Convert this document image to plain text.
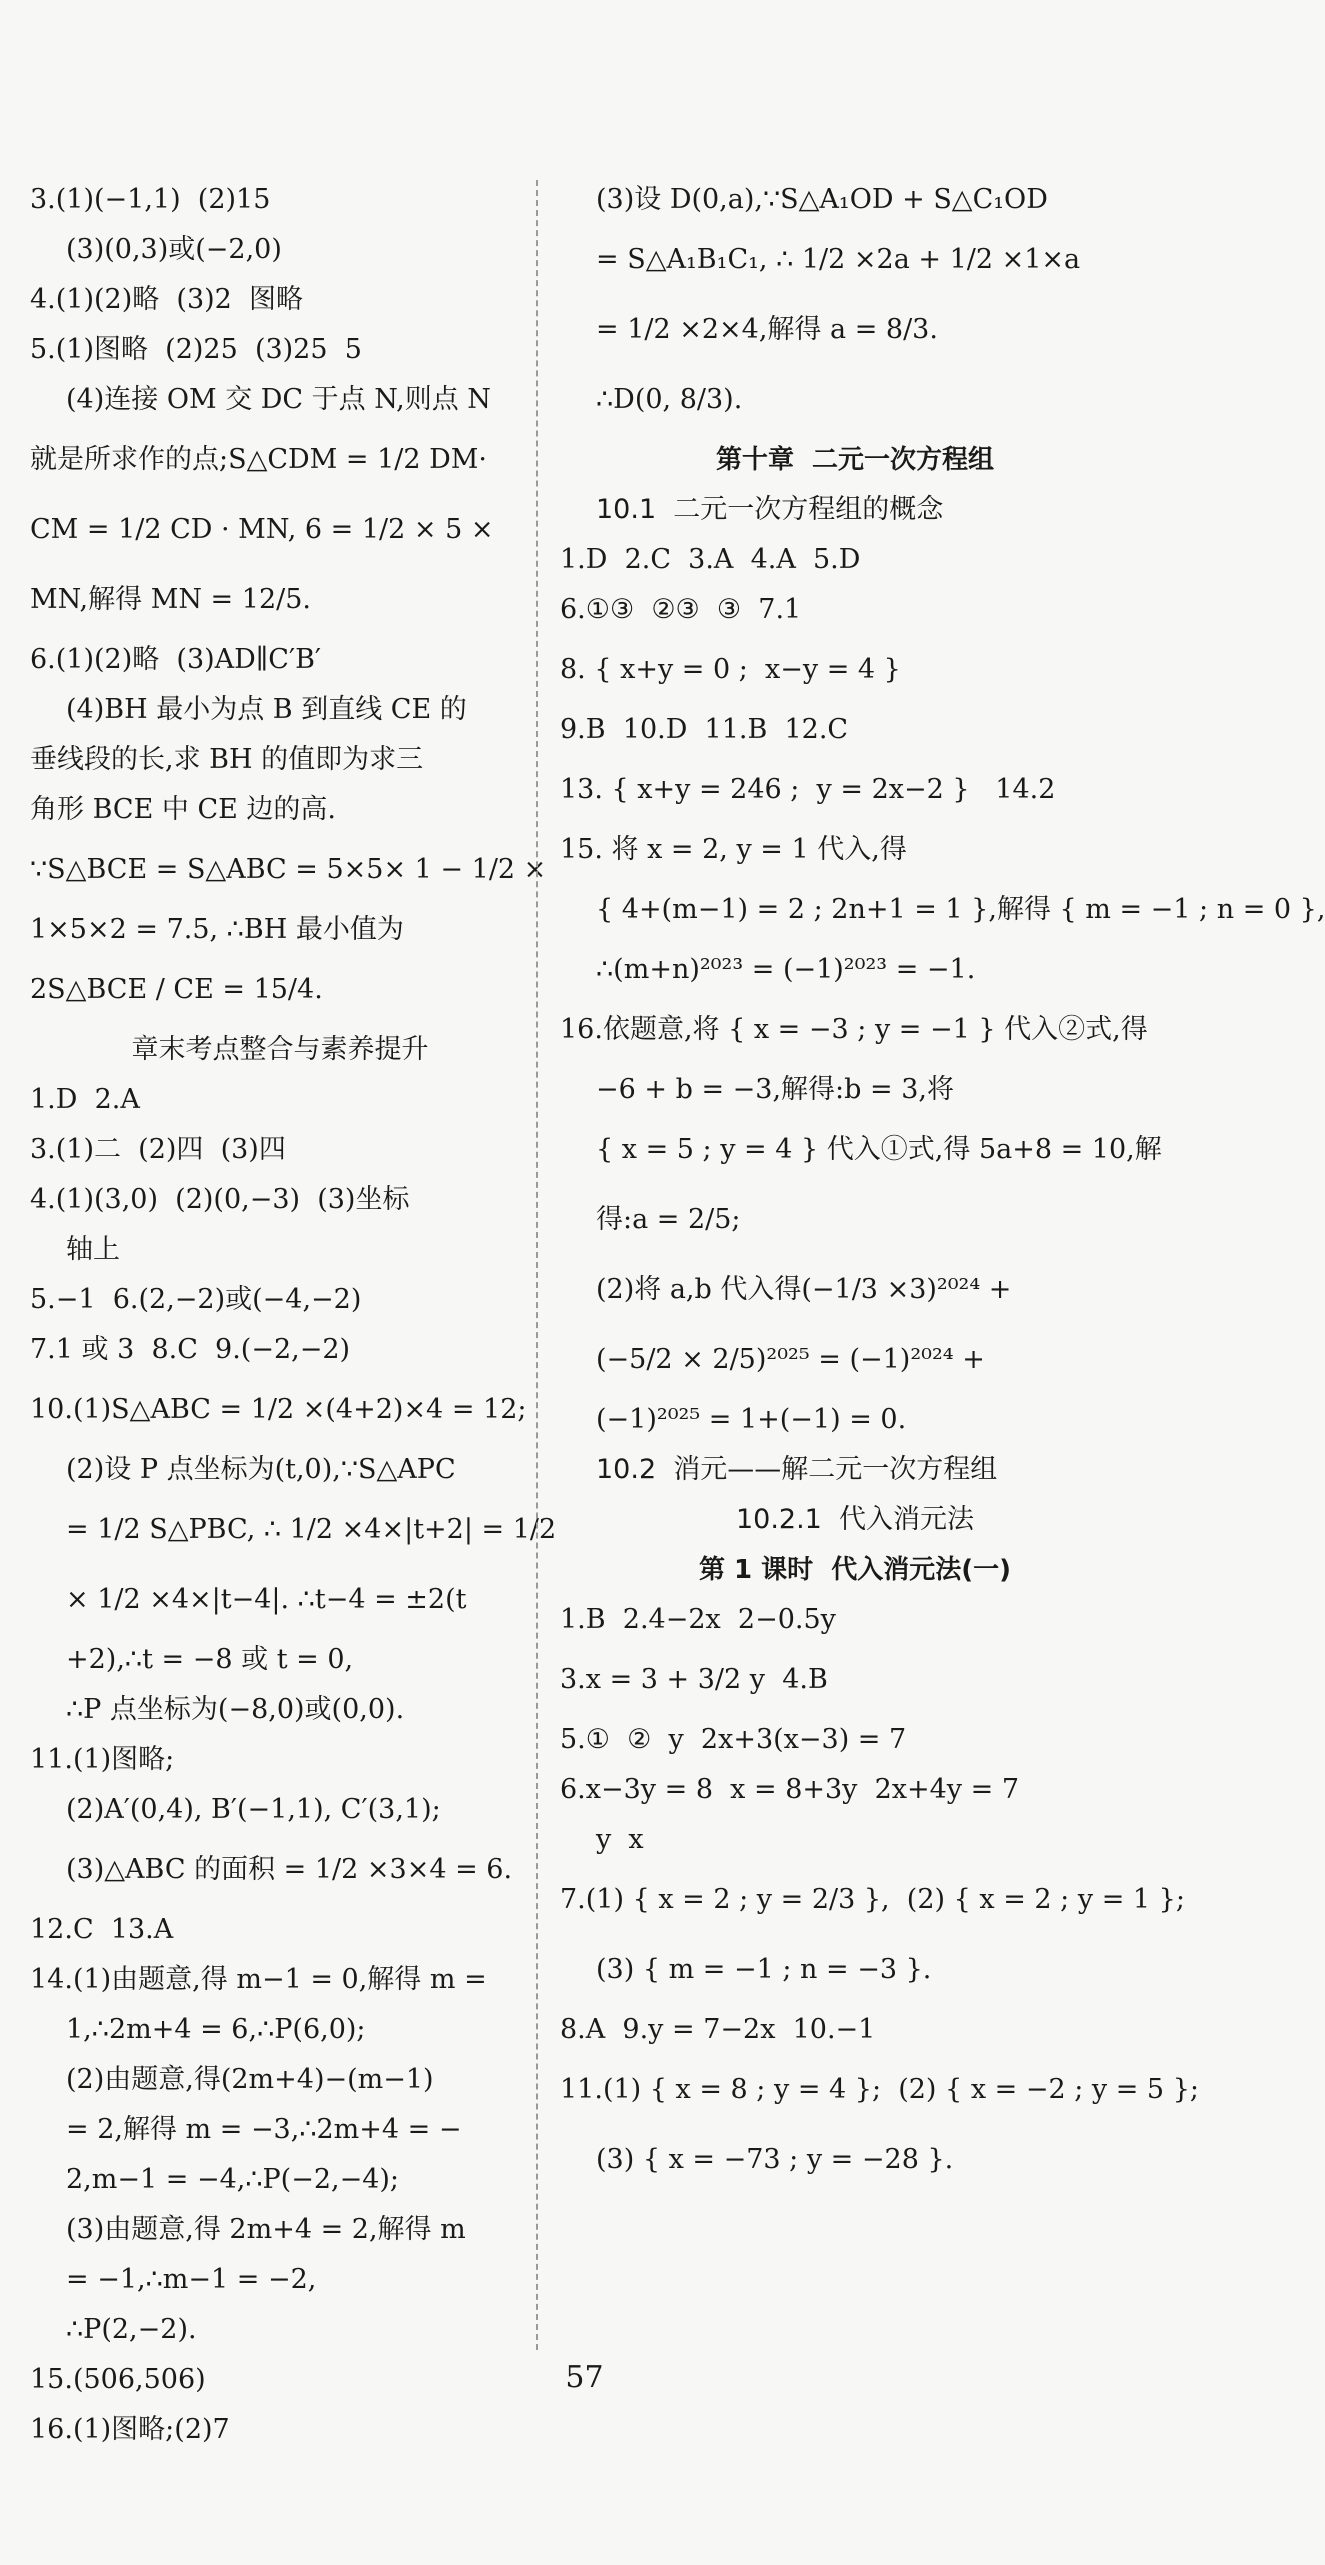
3.(1)(−1,1)  (2)15
(3)(0,3)或(−2,0)
4.(1)(2)略  (3)2  图略
5.(1)图略  (2)25  (3)25  5
(4)连接 OM 交 DC 于点 N,则点 N
就是所求作的点;S△CDM = 1/2 DM·
CM = 1/2 CD · MN, 6 = 1/2 × 5 ×
MN,解得 MN = 12/5.
6.(1)(2)略  (3)AD∥C′B′
(4)BH 最小为点 B 到直线 CE 的
垂线段的长,求 BH 的值即为求三
角形 BCE 中 CE 边的高.
∵S△BCE = S△ABC = 5×5× 1 − 1/2 ×
1×5×2 = 7.5, ∴BH 最小值为
2S△BCE / CE = 15/4.
章末考点整合与素养提升
1.D  2.A
3.(1)二  (2)四  (3)四
4.(1)(3,0)  (2)(0,−3)  (3)坐标
轴上
5.−1  6.(2,−2)或(−4,−2)
7.1 或 3  8.C  9.(−2,−2)
10.(1)S△ABC = 1/2 ×(4+2)×4 = 12;
(2)设 P 点坐标为(t,0),∵S△APC
= 1/2 S△PBC, ∴ 1/2 ×4×|t+2| = 1/2
× 1/2 ×4×|t−4|. ∴t−4 = ±2(t
+2),∴t = −8 或 t = 0,
∴P 点坐标为(−8,0)或(0,0).
11.(1)图略;
(2)A′(0,4), B′(−1,1), C′(3,1);
(3)△ABC 的面积 = 1/2 ×3×4 = 6.
12.C  13.A
14.(1)由题意,得 m−1 = 0,解得 m =
1,∴2m+4 = 6,∴P(6,0);
(2)由题意,得(2m+4)−(m−1)
= 2,解得 m = −3,∴2m+4 = −
2,m−1 = −4,∴P(−2,−4);
(3)由题意,得 2m+4 = 2,解得 m
= −1,∴m−1 = −2,
∴P(2,−2).
15.(506,506)
16.(1)图略;(2)7
(3)设 D(0,a),∵S△A₁OD + S△C₁OD
= S△A₁B₁C₁, ∴ 1/2 ×2a + 1/2 ×1×a
= 1/2 ×2×4,解得 a = 8/3.
∴D(0, 8/3).
第十章  二元一次方程组
10.1  二元一次方程组的概念
1.D  2.C  3.A  4.A  5.D
6.①③  ②③  ③  7.1
8. { x+y = 0 ;  x−y = 4 }
9.B  10.D  11.B  12.C
13. { x+y = 246 ;  y = 2x−2 }   14.2
15. 将 x = 2, y = 1 代入,得
{ 4+(m−1) = 2 ; 2n+1 = 1 },解得 { m = −1 ; n = 0 },
∴(m+n)²⁰²³ = (−1)²⁰²³ = −1.
16.依题意,将 { x = −3 ; y = −1 } 代入②式,得
−6 + b = −3,解得:b = 3,将
{ x = 5 ; y = 4 } 代入①式,得 5a+8 = 10,解
得:a = 2/5;
(2)将 a,b 代入得(−1/3 ×3)²⁰²⁴ +
(−5/2 × 2/5)²⁰²⁵ = (−1)²⁰²⁴ +
(−1)²⁰²⁵ = 1+(−1) = 0.
10.2  消元——解二元一次方程组
10.2.1  代入消元法
第 1 课时  代入消元法(一)
1.B  2.4−2x  2−0.5y
3.x = 3 + 3/2 y  4.B
5.①  ②  y  2x+3(x−3) = 7
6.x−3y = 8  x = 8+3y  2x+4y = 7
y  x
7.(1) { x = 2 ; y = 2/3 },  (2) { x = 2 ; y = 1 };
(3) { m = −1 ; n = −3 }.
8.A  9.y = 7−2x  10.−1
11.(1) { x = 8 ; y = 4 };  (2) { x = −2 ; y = 5 };
(3) { x = −73 ; y = −28 }.
57
